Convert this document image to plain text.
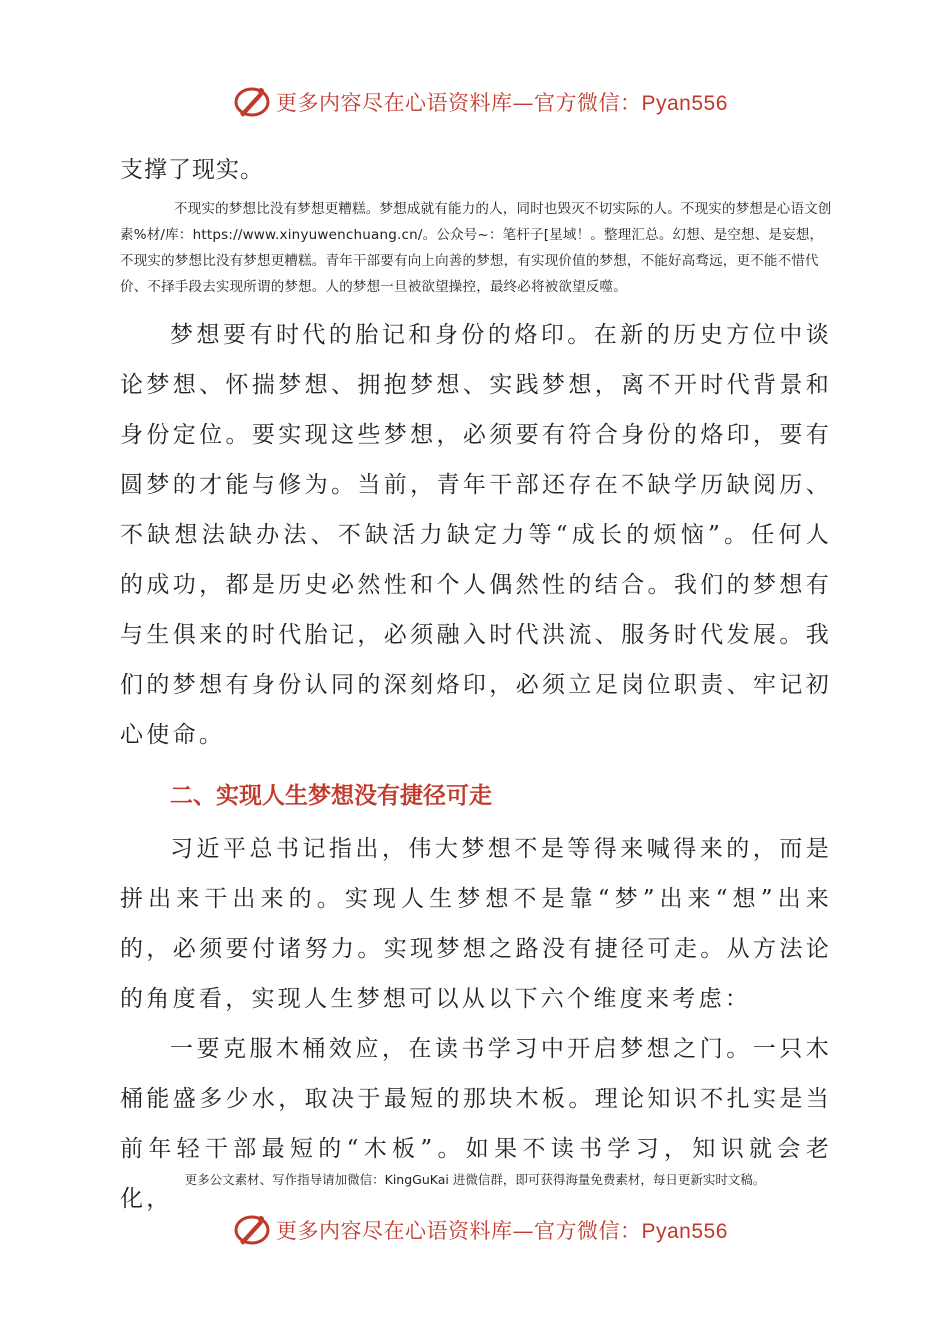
更多内容尽在心语资料库—官方微信：Pyan556

支撑了现实。

不现实的梦想比没有梦想更糟糕。梦想成就有能力的人，同时也毁灭不切实际的人。不现实的梦想是心语文创素%材/库：https://www.xinyuwenchuang.cn/。公众号~：笔杆子[星域！。整理汇总。幻想、是空想、是妄想，不现实的梦想比没有梦想更糟糕。青年干部要有向上向善的梦想，有实现价值的梦想，不能好高骛远，更不能不惜代价、不择手段去实现所谓的梦想。人的梦想一旦被欲望操控，最终必将被欲望反噬。

梦想要有时代的胎记和身份的烙印。在新的历史方位中谈论梦想、怀揣梦想、拥抱梦想、实践梦想，离不开时代背景和身份定位。要实现这些梦想，必须要有符合身份的烙印，要有圆梦的才能与修为。当前，青年干部还存在不缺学历缺阅历、不缺想法缺办法、不缺活力缺定力等“成长的烦恼”。任何人的成功，都是历史必然性和个人偶然性的结合。我们的梦想有与生俱来的时代胎记，必须融入时代洪流、服务时代发展。我们的梦想有身份认同的深刻烙印，必须立足岗位职责、牢记初心使命。

二、实现人生梦想没有捷径可走

习近平总书记指出，伟大梦想不是等得来喊得来的，而是拼出来干出来的。实现人生梦想不是靠“梦”出来“想”出来的，必须要付诸努力。实现梦想之路没有捷径可走。从方法论的角度看，实现人生梦想可以从以下六个维度来考虑：

一要克服木桶效应，在读书学习中开启梦想之门。一只木桶能盛多少水，取决于最短的那块木板。理论知识不扎实是当前年轻干部最短的“木板”。如果不读书学习，知识就会老化，

更多公文素材、写作指导请加微信：KingGuKai 进微信群，即可获得海量免费素材，每日更新实时文稿。
更多内容尽在心语资料库—官方微信：Pyan556
